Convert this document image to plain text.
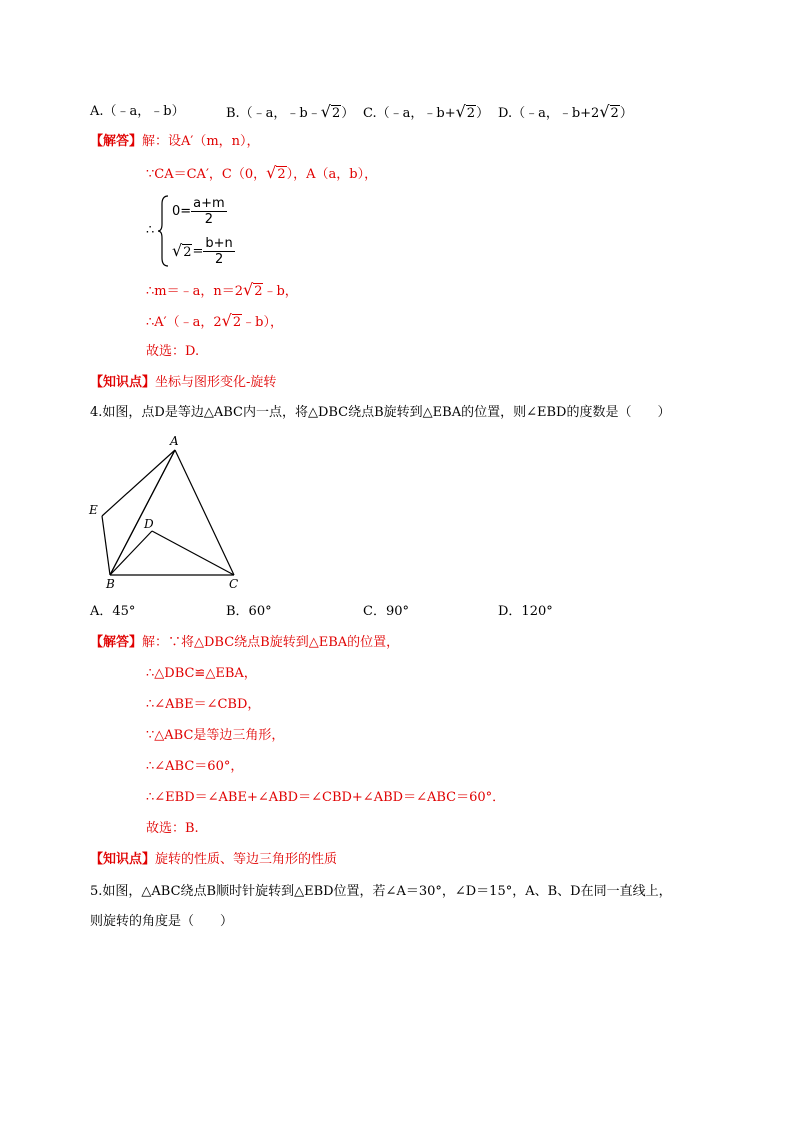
A.（﹣a，﹣b）	B.（﹣a，﹣b﹣√2） C.（﹣a，﹣b+√2） D.（﹣a，﹣b+2√2）
【解答】解：设A′（m，n），
∵CA＝CA′，C（0，√2），A（a，b），
∴
$0= \frac{a+m}{2}$
$√2= \frac{b+n}{2}$
∴m＝﹣a，n＝2√2﹣b，
∴A′（﹣a，2√2﹣b），
故选：D.
【知识点】坐标与图形变化-旋转
4.如图，点D是等边△ABC内一点，将△DBC绕点B旋转到△EBA的位置，则∠EBD的度数是（　　）
A
E
D
B	C
A．45°	B．60°	C．90°	D．120°
【解答】解：∵将△DBC绕点B旋转到△EBA的位置，
∴△DBC≌△EBA，
∴∠ABE＝∠CBD，
∵△ABC是等边三角形，
∴∠ABC＝60°，
∴∠EBD＝∠ABE+∠ABD＝∠CBD+∠ABD＝∠ABC＝60°．
故选：B.
【知识点】旋转的性质、等边三角形的性质
5.如图，△ABC绕点B顺时针旋转到△EBD位置，若∠A＝30°，∠D＝15°，A、B、D在同一直线上，
则旋转的角度是（　　）
